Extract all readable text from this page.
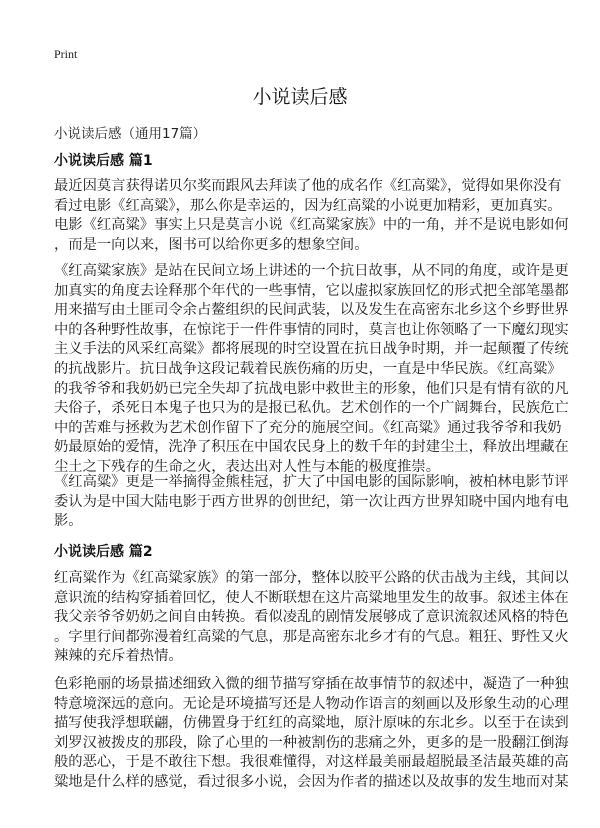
Print
小说读后感

小说读后感（通用17篇）

小说读后感 篇1

最近因莫言获得诺贝尔奖而跟风去拜读了他的成名作《红高粱》，觉得如果你没有
看过电影《红高粱》，那么你是幸运的，因为红高粱的小说更加精彩，更加真实。
电影《红高粱》事实上只是莫言小说《红高粱家族》中的一角，并不是说电影如何
，而是一向以来，图书可以给你更多的想象空间。

《红高粱家族》是站在民间立场上讲述的一个抗日故事，从不同的角度，或许是更
加真实的角度去诠释那个年代的一些事情，它以虚拟家族回忆的形式把全部笔墨都
用来描写由土匪司令余占鳌组织的民间武装，以及发生在高密东北乡这个乡野世界
中的各种野性故事，在惊诧于一件件事情的同时，莫言也让你领略了一下魔幻现实
主义手法的风采红高粱》都将展现的时空设置在抗日战争时期，并一起颠覆了传统
的抗战影片。抗日战争这段记载着民族伤痛的历史，一直是中华民族。《红高粱》
的我爷爷和我奶奶已完全失却了抗战电影中救世主的形象，他们只是有情有欲的凡
夫俗子，杀死日本鬼子也只为的是报已私仇。艺术创作的一个广阔舞台，民族危亡
中的苦难与拯救为艺术创作留下了充分的施展空间。《红高粱》通过我爷爷和我奶
奶最原始的爱情，洗净了积压在中国农民身上的数千年的封建尘土，释放出埋藏在
尘土之下残存的生命之火，表达出对人性与本能的极度推崇。

《红高粱》更是一举摘得金熊桂冠，扩大了中国电影的国际影响，被柏林电影节评
委认为是中国大陆电影于西方世界的创世纪，第一次让西方世界知晓中国内地有电
影。

小说读后感 篇2

红高粱作为《红高粱家族》的第一部分，整体以胶平公路的伏击战为主线，其间以
意识流的结构穿插着回忆，使人不断联想在这片高粱地里发生的故事。叙述主体在
我父亲爷爷奶奶之间自由转换。看似凌乱的剧情发展够成了意识流叙述风格的特色
。字里行间都弥漫着红高粱的气息，那是高密东北乡才有的气息。粗狂、野性又火
辣辣的充斥着热情。

色彩艳丽的场景描述细致入微的细节描写穿插在故事情节的叙述中，凝造了一种独
特意境深远的意向。无论是环境描写还是人物动作语言的刻画以及形象生动的心理
描写使我浮想联翩，仿佛置身于红红的高粱地，原汁原味的东北乡。以至于在读到
刘罗汉被拨皮的那段，除了心里的一种被割伤的悲痛之外，更多的是一股翻江倒海
般的恶心，于是不敢往下想。我很难懂得，对这样最美丽最超脱最圣洁最英雄的高
粱地是什么样的感觉，看过很多小说，会因为作者的描述以及故事的发生地而对某
